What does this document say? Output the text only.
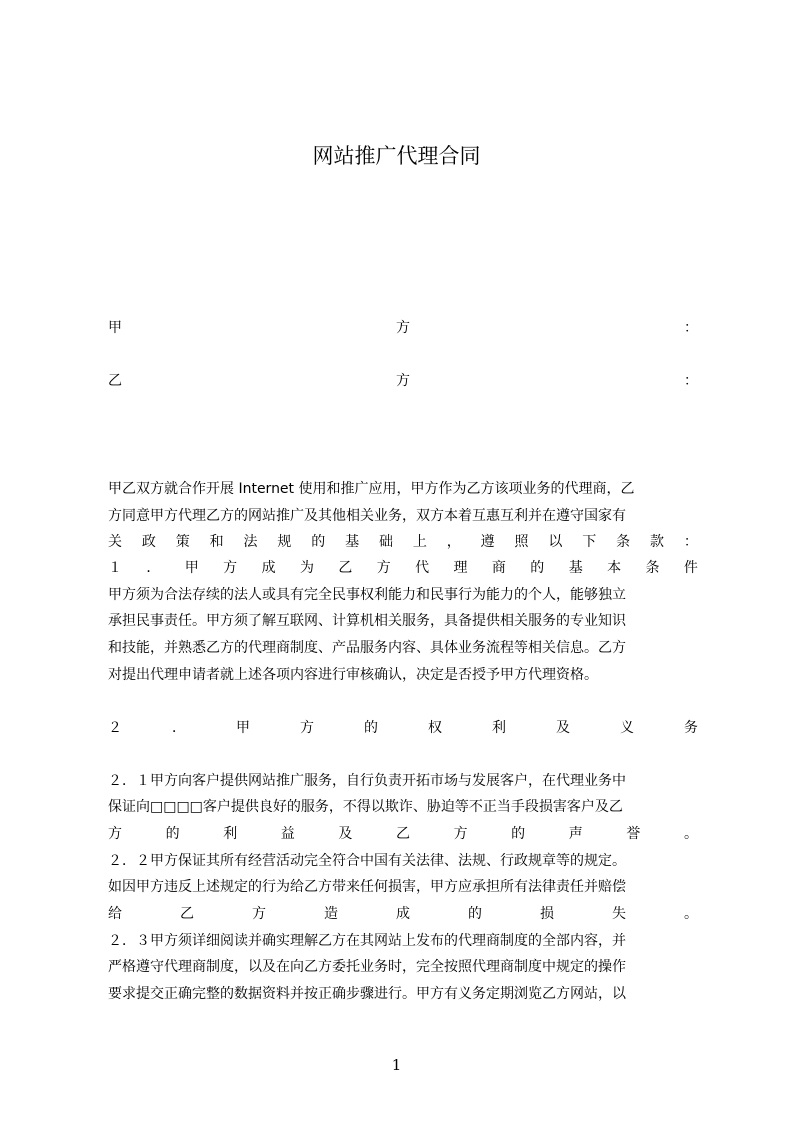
网站推广代理合同
甲	方	：
乙	方	：
甲乙双方就合作开展 Internet 使用和推广应用，甲方作为乙方该项业务的代理商，乙
方同意甲方代理乙方的网站推广及其他相关业务，双方本着互惠互利并在遵守国家有
关 政 策 和 法 规 的 基 础 上 ， 遵 照 以 下 条 款 ：
１ ． 甲 方 成 为 乙 方 代 理 商 的 基 本 条 件
甲方须为合法存续的法人或具有完全民事权利能力和民事行为能力的个人，能够独立
承担民事责任。甲方须了解互联网、计算机相关服务，具备提供相关服务的专业知识
和技能，并熟悉乙方的代理商制度、产品服务内容、具体业务流程等相关信息。乙方
对提出代理申请者就上述各项内容进行审核确认，决定是否授予甲方代理资格。
２	．	甲	方	的	权	利	及	义	务
２．１甲方向客户提供网站推广服务，自行负责开拓市场与发展客户，在代理业务中
保证向□□□□客户提供良好的服务，不得以欺诈、胁迫等不正当手段损害客户及乙
方	的	利	益	及	乙	方	的	声	誉	。
２．２甲方保证其所有经营活动完全符合中国有关法律、法规、行政规章等的规定。
如因甲方违反上述规定的行为给乙方带来任何损害，甲方应承担所有法律责任并赔偿
给	乙	方	造	成	的	损	失	。
２．３甲方须详细阅读并确实理解乙方在其网站上发布的代理商制度的全部内容，并
严格遵守代理商制度，以及在向乙方委托业务时，完全按照代理商制度中规定的操作
要求提交正确完整的数据资料并按正确步骤进行。甲方有义务定期浏览乙方网站，以
1
